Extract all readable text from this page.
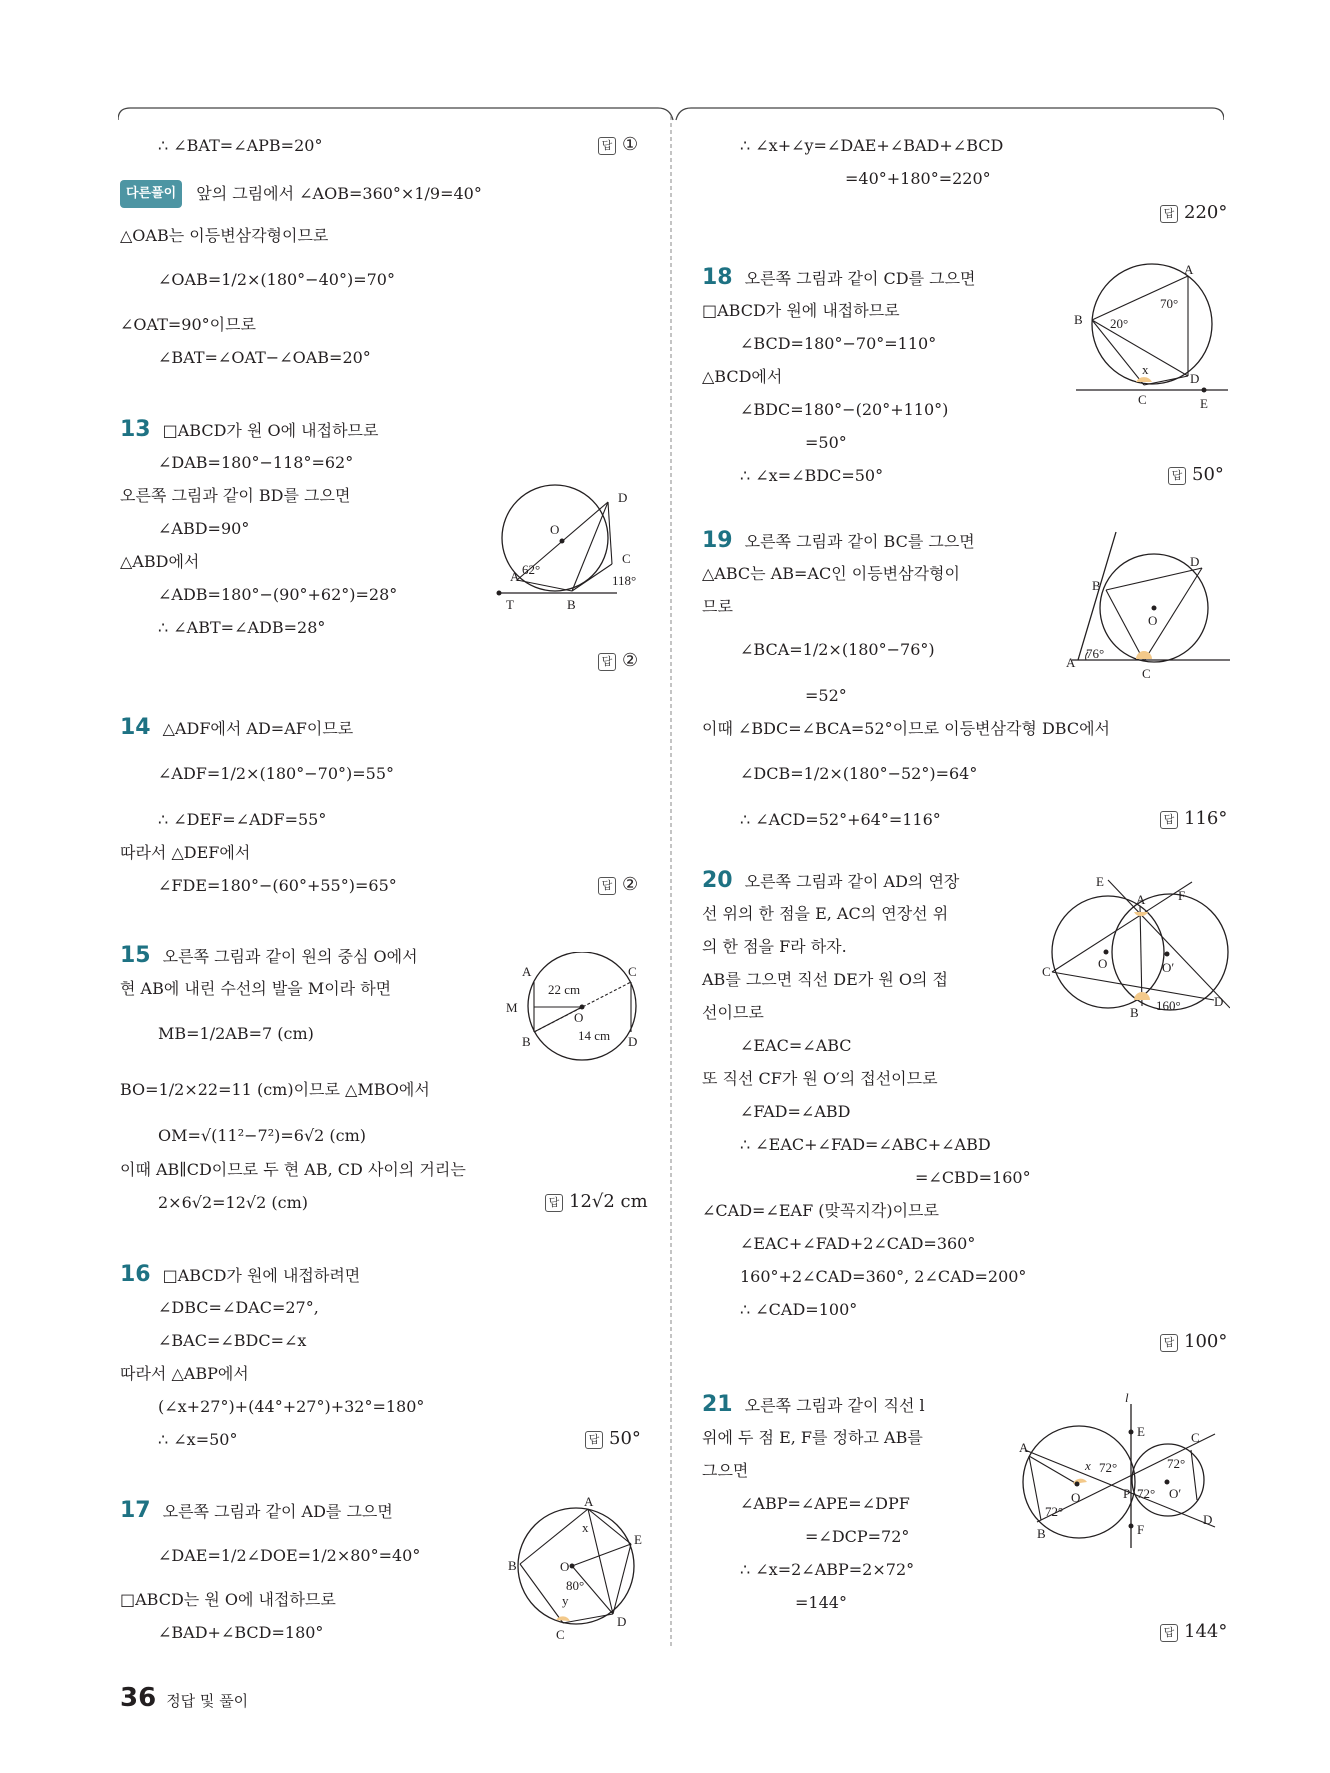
∴ ∠BAT=∠APB=20°	답 ①
다른풀이 앞의 그림에서 ∠AOB=360°×1/9=40°
△OAB는 이등변삼각형이므로
∠OAB=1/2×(180°−40°)=70°
∠OAT=90°이므로
∠BAT=∠OAT−∠OAB=20°
13 □ABCD가 원 O에 내접하므로
∠DAB=180°−118°=62°
오른쪽 그림과 같이 BD를 그으면
∠ABD=90°
△ABD에서
∠ADB=180°−(90°+62°)=28°
∴ ∠ABT=∠ADB=28°
답 ②
D
O
A 62°
C
118°
T	B
14 △ADF에서 AD=AF이므로
∠ADF=1/2×(180°−70°)=55°
∴ ∠DEF=∠ADF=55°
따라서 △DEF에서
∠FDE=180°−(60°+55°)=65°	답 ②
15 오른쪽 그림과 같이 원의 중심 O에서
현 AB에 내린 수선의 발을 M이라 하면
MB=1/2AB=7 (cm)
BO=1/2×22=11 (cm)이므로 △MBO에서
OM=√(11²−7²)=6√2 (cm)
이때 AB∥CD이므로 두 현 AB, CD 사이의 거리는
2×6√2=12√2 (cm)	답 12√2 cm
A	C
22 cm
M
O
14 cm
B	D
16 □ABCD가 원에 내접하려면
∠DBC=∠DAC=27°,
∠BAC=∠BDC=∠x
따라서 △ABP에서
(∠x+27°)+(44°+27°)+32°=180°
∴ ∠x=50°	답 50°
17 오른쪽 그림과 같이 AD를 그으면
∠DAE=1/2∠DOE=1/2×80°=40°
□ABCD는 원 O에 내접하므로
∠BAD+∠BCD=180°
A
x
E
B	O
80°
y
C
D
∴ ∠x+∠y=∠DAE+∠BAD+∠BCD
=40°+180°=220°
답 220°
18 오른쪽 그림과 같이 CD를 그으면
□ABCD가 원에 내접하므로
∠BCD=180°−70°=110°
△BCD에서
∠BDC=180°−(20°+110°)
=50°
∴ ∠x=∠BDC=50°	답 50°
A
70°
B 20°
x
D
C	E
19 오른쪽 그림과 같이 BC를 그으면
△ABC는 AB=AC인 이등변삼각형이
므로
∠BCA=1/2×(180°−76°)
=52°
이때 ∠BDC=∠BCA=52°이므로 이등변삼각형 DBC에서
∠DCB=1/2×(180°−52°)=64°
∴ ∠ACD=52°+64°=116°	답 116°
D
B
O
A
76°
C
20 오른쪽 그림과 같이 AD의 연장
선 위의 한 점을 E, AC의 연장선 위
의 한 점을 F라 하자.
AB를 그으면 직선 DE가 원 O의 접
선이므로
∠EAC=∠ABC
또 직선 CF가 원 O′의 접선이므로
∠FAD=∠ABD
∴ ∠EAC+∠FAD=∠ABC+∠ABD
=∠CBD=160°
∠CAD=∠EAF (맞꼭지각)이므로
∠EAC+∠FAD+2∠CAD=360°
160°+2∠CAD=360°, 2∠CAD=200°
∴ ∠CAD=100°
답 100°
E
F
A
C
O	O′
B 160°	D
21 오른쪽 그림과 같이 직선 l
위에 두 점 E, F를 정하고 AB를
그으면
∠ABP=∠APE=∠DPF
=∠DCP=72°
∴ ∠x=2∠ABP=2×72°
=144°
답 144°
l
E	C
A
x 72°	72°
O	P 72° O′
72°
D
B	F
36 정답 및 풀이
